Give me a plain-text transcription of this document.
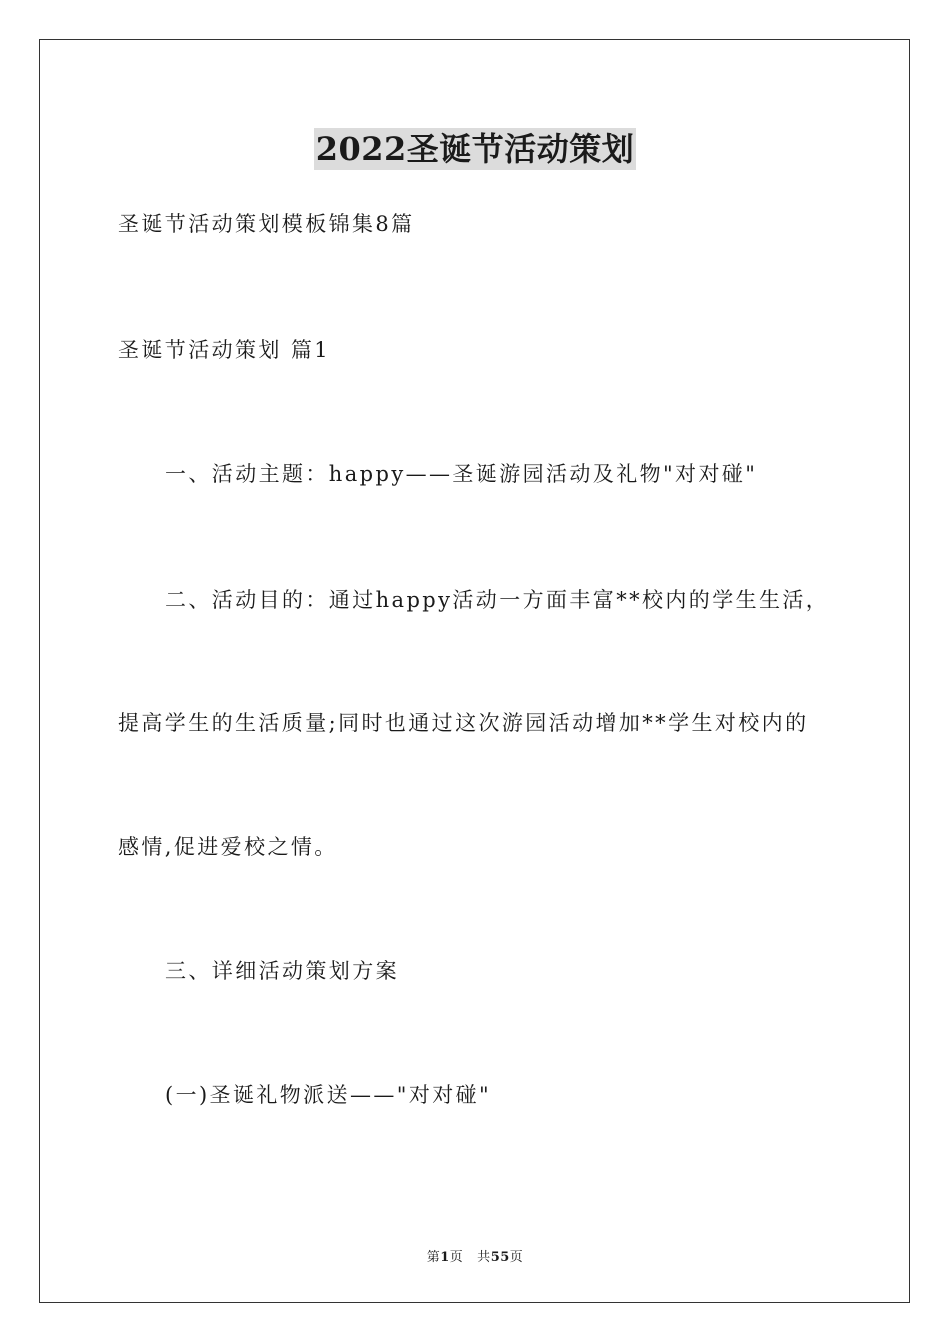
2022圣诞节活动策划
圣诞节活动策划模板锦集8篇
圣诞节活动策划 篇1
一、活动主题：happy——圣诞游园活动及礼物"对对碰"
二、活动目的：通过happy活动一方面丰富**校内的学生生活，
提高学生的生活质量;同时也通过这次游园活动增加**学生对校内的
感情,促进爱校之情。
三、详细活动策划方案
(一)圣诞礼物派送——"对对碰"
第1页 共55页
